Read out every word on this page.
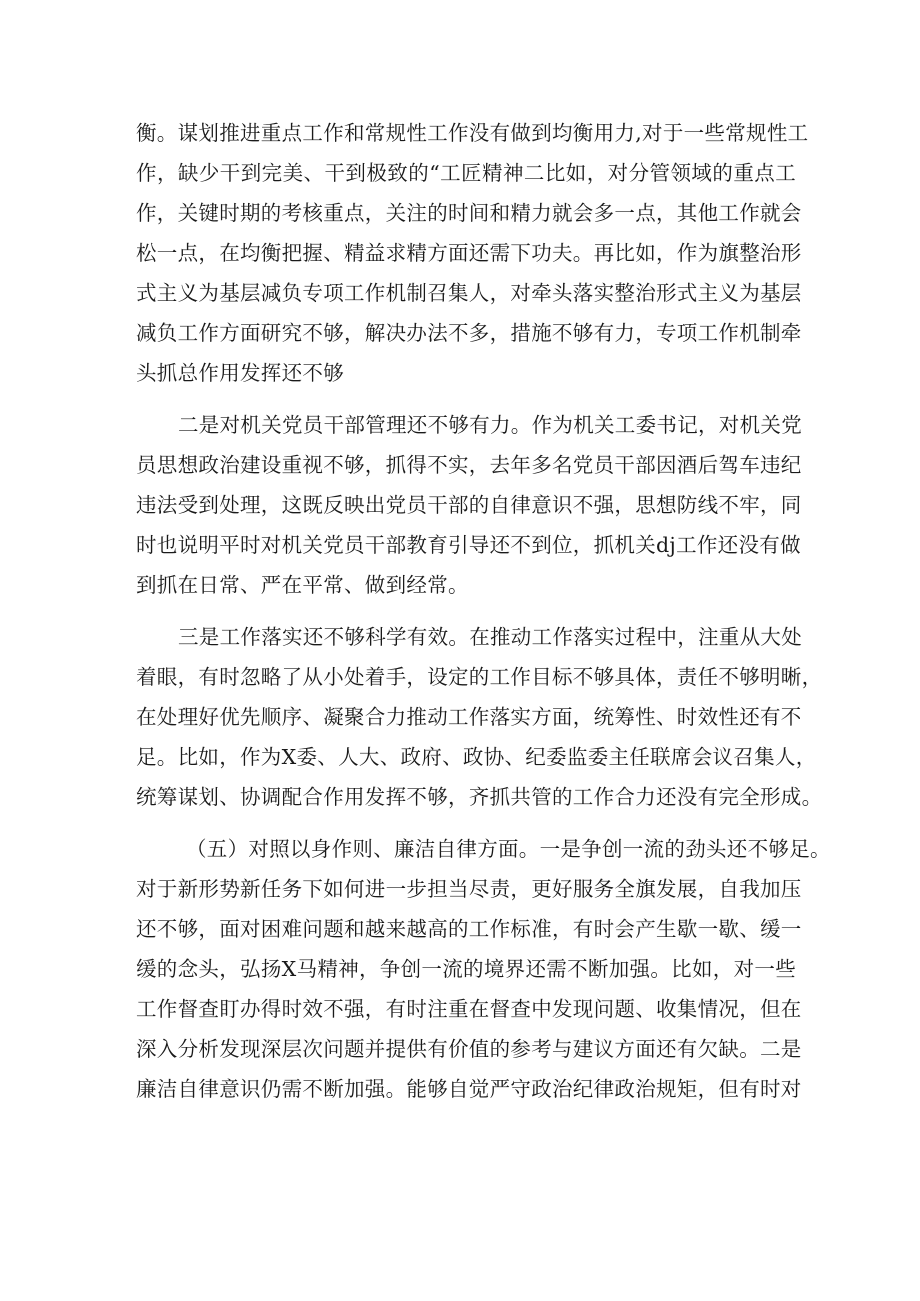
衡。谋划推进重点工作和常规性工作没有做到均衡用力,对于一些常规性工
作，缺少干到完美、干到极致的“工匠精神二比如，对分管领域的重点工
作，关键时期的考核重点，关注的时间和精力就会多一点，其他工作就会
松一点，在均衡把握、精益求精方面还需下功夫。再比如，作为旗整治形
式主义为基层减负专项工作机制召集人，对牵头落实整治形式主义为基层
减负工作方面研究不够，解决办法不多，措施不够有力，专项工作机制牵
头抓总作用发挥还不够
二是对机关党员干部管理还不够有力。作为机关工委书记，对机关党
员思想政治建设重视不够，抓得不实，去年多名党员干部因酒后驾车违纪
违法受到处理，这既反映出党员干部的自律意识不强，思想防线不牢，同
时也说明平时对机关党员干部教育引导还不到位，抓机关dj工作还没有做
到抓在日常、严在平常、做到经常。
三是工作落实还不够科学有效。在推动工作落实过程中，注重从大处
着眼，有时忽略了从小处着手，设定的工作目标不够具体，责任不够明晰，
在处理好优先顺序、凝聚合力推动工作落实方面，统筹性、时效性还有不
足。比如，作为X委、人大、政府、政协、纪委监委主任联席会议召集人，
统筹谋划、协调配合作用发挥不够，齐抓共管的工作合力还没有完全形成。
（五）对照以身作则、廉洁自律方面。一是争创一流的劲头还不够足。
对于新形势新任务下如何进一步担当尽责，更好服务全旗发展，自我加压
还不够，面对困难问题和越来越高的工作标准，有时会产生歇一歇、缓一
缓的念头，弘扬X马精神，争创一流的境界还需不断加强。比如，对一些
工作督查盯办得时效不强，有时注重在督查中发现问题、收集情况，但在
深入分析发现深层次问题并提供有价值的参考与建议方面还有欠缺。二是
廉洁自律意识仍需不断加强。能够自觉严守政治纪律政治规矩，但有时对
